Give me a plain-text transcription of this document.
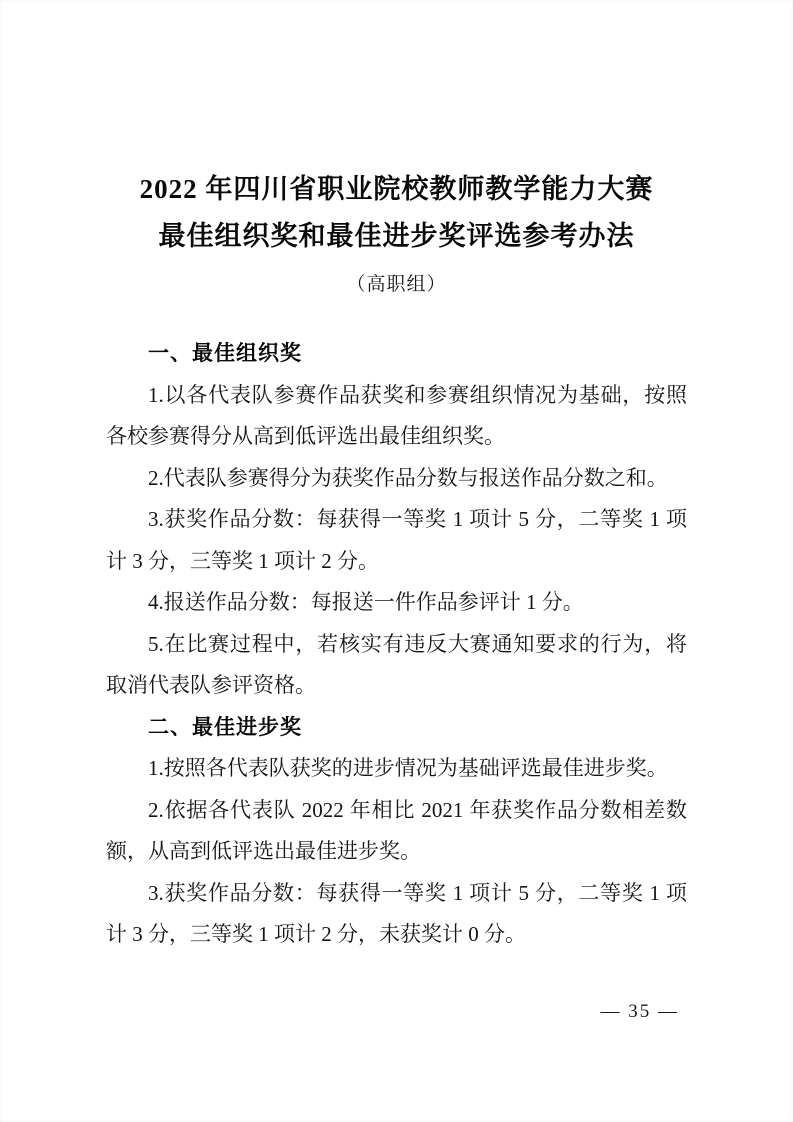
2022 年四川省职业院校教师教学能力大赛
最佳组织奖和最佳进步奖评选参考办法
（高职组）
一、最佳组织奖

1.以各代表队参赛作品获奖和参赛组织情况为基础，按照各校参赛得分从高到低评选出最佳组织奖。

2.代表队参赛得分为获奖作品分数与报送作品分数之和。

3.获奖作品分数：每获得一等奖 1 项计 5 分，二等奖 1 项计 3 分，三等奖 1 项计 2 分。

4.报送作品分数：每报送一件作品参评计 1 分。

5.在比赛过程中，若核实有违反大赛通知要求的行为，将取消代表队参评资格。

二、最佳进步奖

1.按照各代表队获奖的进步情况为基础评选最佳进步奖。

2.依据各代表队 2022 年相比 2021 年获奖作品分数相差数额，从高到低评选出最佳进步奖。

3.获奖作品分数：每获得一等奖 1 项计 5 分，二等奖 1 项计 3 分，三等奖 1 项计 2 分，未获奖计 0 分。

— 35 —
